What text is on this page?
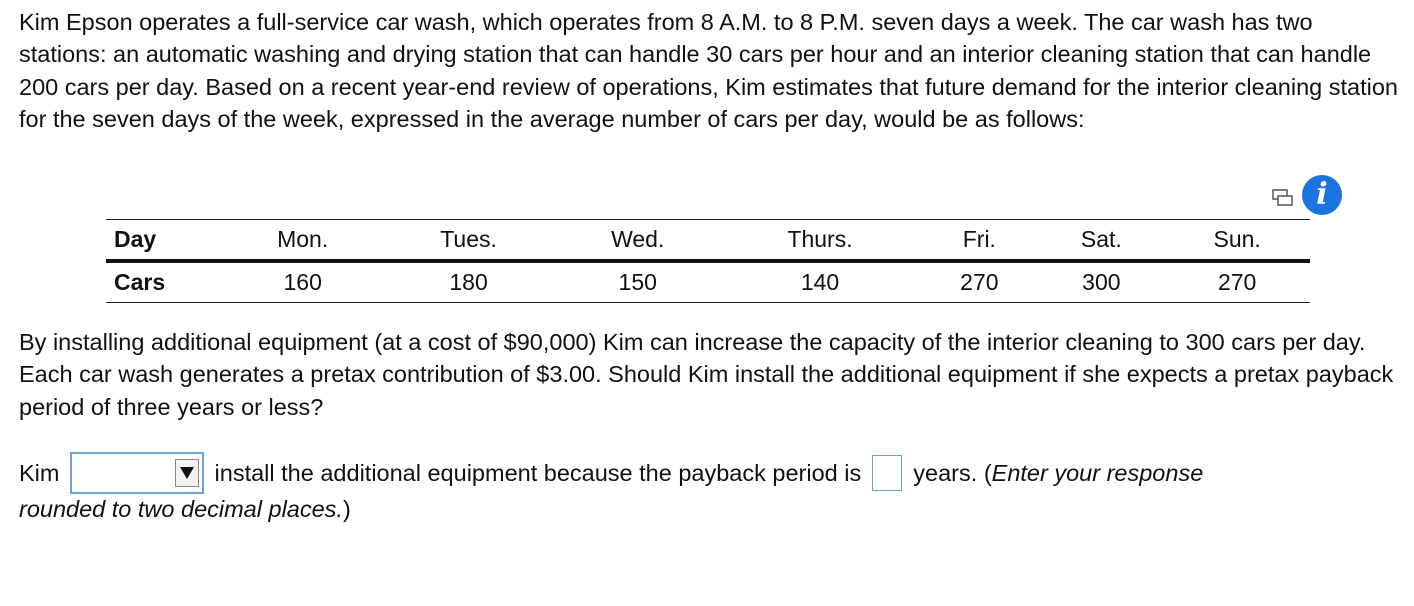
Kim Epson operates a full-service car wash, which operates from 8 A.M. to 8 P.M. seven days a week. The car wash has two stations: an automatic washing and drying station that can handle 30 cars per hour and an interior cleaning station that can handle 200 cars per day. Based on a recent year-end review of operations, Kim estimates that future demand for the interior cleaning station for the seven days of the week, expressed in the average number of cars per day, would be as follows:

i
Day	Mon.	Tues.	Wed.	Thurs.	Fri.	Sat.	Sun.
Cars	160	180	150	140	270	300	270

By installing additional equipment (at a cost of $90,000) Kim can increase the capacity of the interior cleaning to 300 cars per day. Each car wash generates a pretax contribution of $3.00. Should Kim install the additional equipment if she expects a pretax payback period of three years or less?

Kim	install the additional equipment because the payback period is years. (Enter your response
rounded to two decimal places.)
